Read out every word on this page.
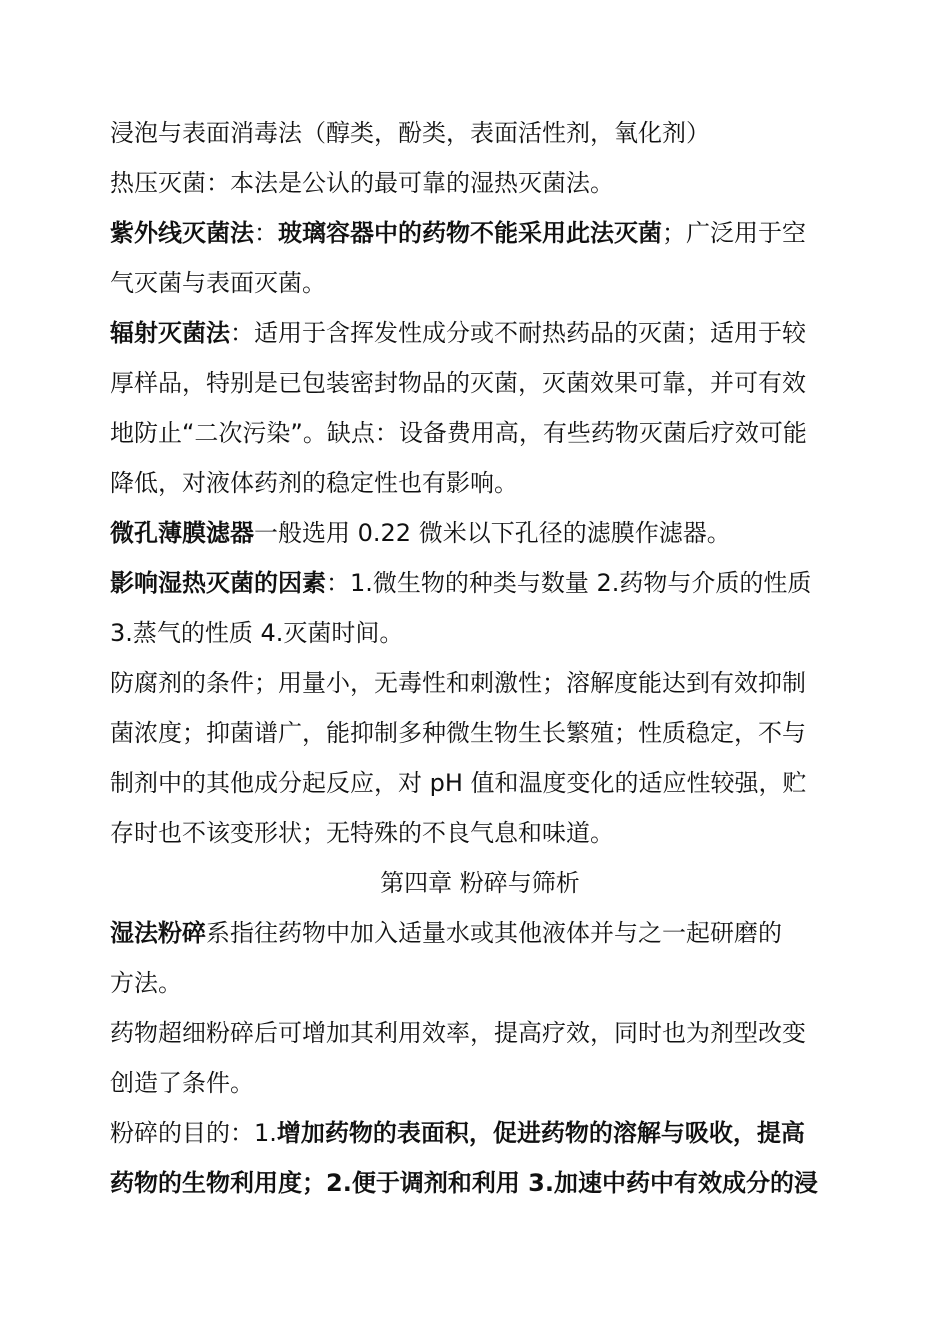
浸泡与表面消毒法（醇类，酚类，表面活性剂，氧化剂）
热压灭菌：本法是公认的最可靠的湿热灭菌法。
紫外线灭菌法：玻璃容器中的药物不能采用此法灭菌；广泛用于空
气灭菌与表面灭菌。
辐射灭菌法：适用于含挥发性成分或不耐热药品的灭菌；适用于较
厚样品，特别是已包装密封物品的灭菌，灭菌效果可靠，并可有效
地防止“二次污染”。缺点：设备费用高，有些药物灭菌后疗效可能
降低，对液体药剂的稳定性也有影响。
微孔薄膜滤器一般选用 0.22 微米以下孔径的滤膜作滤器。
影响湿热灭菌的因素：1.微生物的种类与数量 2.药物与介质的性质
3.蒸气的性质 4.灭菌时间。
防腐剂的条件；用量小，无毒性和刺激性；溶解度能达到有效抑制
菌浓度；抑菌谱广，能抑制多种微生物生长繁殖；性质稳定，不与
制剂中的其他成分起反应，对 pH 值和温度变化的适应性较强，贮
存时也不该变形状；无特殊的不良气息和味道。
第四章 粉碎与筛析
湿法粉碎系指往药物中加入适量水或其他液体并与之一起研磨的
方法。
药物超细粉碎后可增加其利用效率，提高疗效，同时也为剂型改变
创造了条件。
粉碎的目的：1.增加药物的表面积，促进药物的溶解与吸收，提高
药物的生物利用度；2.便于调剂和利用 3.加速中药中有效成分的浸
